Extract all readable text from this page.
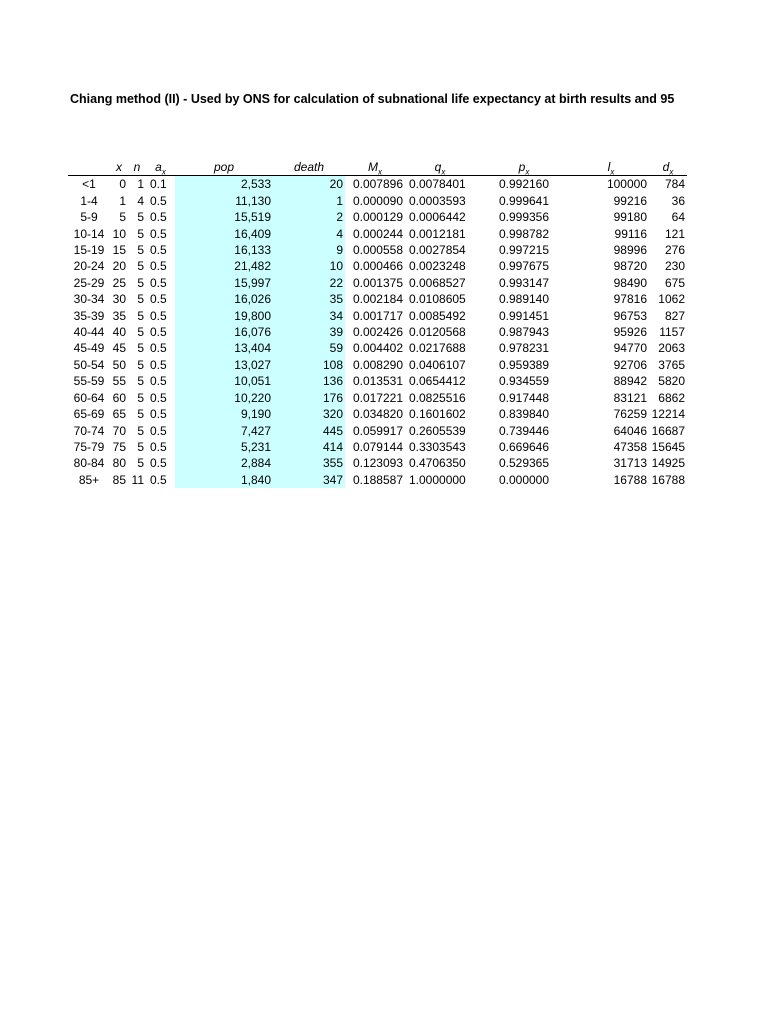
Chiang method (II) - Used by ONS for calculation of subnational life expectancy at birth results and 95
	x	n	$a_x$	pop	death	$M_x$	$q_x$	$p_x$	$l_x$	$d_x$
<1	0	1	0.1	2,533	20	0.007896	0.0078401	0.992160	100000	784
1-4	1	4	0.5	11,130	1	0.000090	0.0003593	0.999641	99216	36
5-9	5	5	0.5	15,519	2	0.000129	0.0006442	0.999356	99180	64
10-14	10	5	0.5	16,409	4	0.000244	0.0012181	0.998782	99116	121
15-19	15	5	0.5	16,133	9	0.000558	0.0027854	0.997215	98996	276
20-24	20	5	0.5	21,482	10	0.000466	0.0023248	0.997675	98720	230
25-29	25	5	0.5	15,997	22	0.001375	0.0068527	0.993147	98490	675
30-34	30	5	0.5	16,026	35	0.002184	0.0108605	0.989140	97816	1062
35-39	35	5	0.5	19,800	34	0.001717	0.0085492	0.991451	96753	827
40-44	40	5	0.5	16,076	39	0.002426	0.0120568	0.987943	95926	1157
45-49	45	5	0.5	13,404	59	0.004402	0.0217688	0.978231	94770	2063
50-54	50	5	0.5	13,027	108	0.008290	0.0406107	0.959389	92706	3765
55-59	55	5	0.5	10,051	136	0.013531	0.0654412	0.934559	88942	5820
60-64	60	5	0.5	10,220	176	0.017221	0.0825516	0.917448	83121	6862
65-69	65	5	0.5	9,190	320	0.034820	0.1601602	0.839840	76259	12214
70-74	70	5	0.5	7,427	445	0.059917	0.2605539	0.739446	64046	16687
75-79	75	5	0.5	5,231	414	0.079144	0.3303543	0.669646	47358	15645
80-84	80	5	0.5	2,884	355	0.123093	0.4706350	0.529365	31713	14925
85+	85	11	0.5	1,840	347	0.188587	1.0000000	0.000000	16788	16788
